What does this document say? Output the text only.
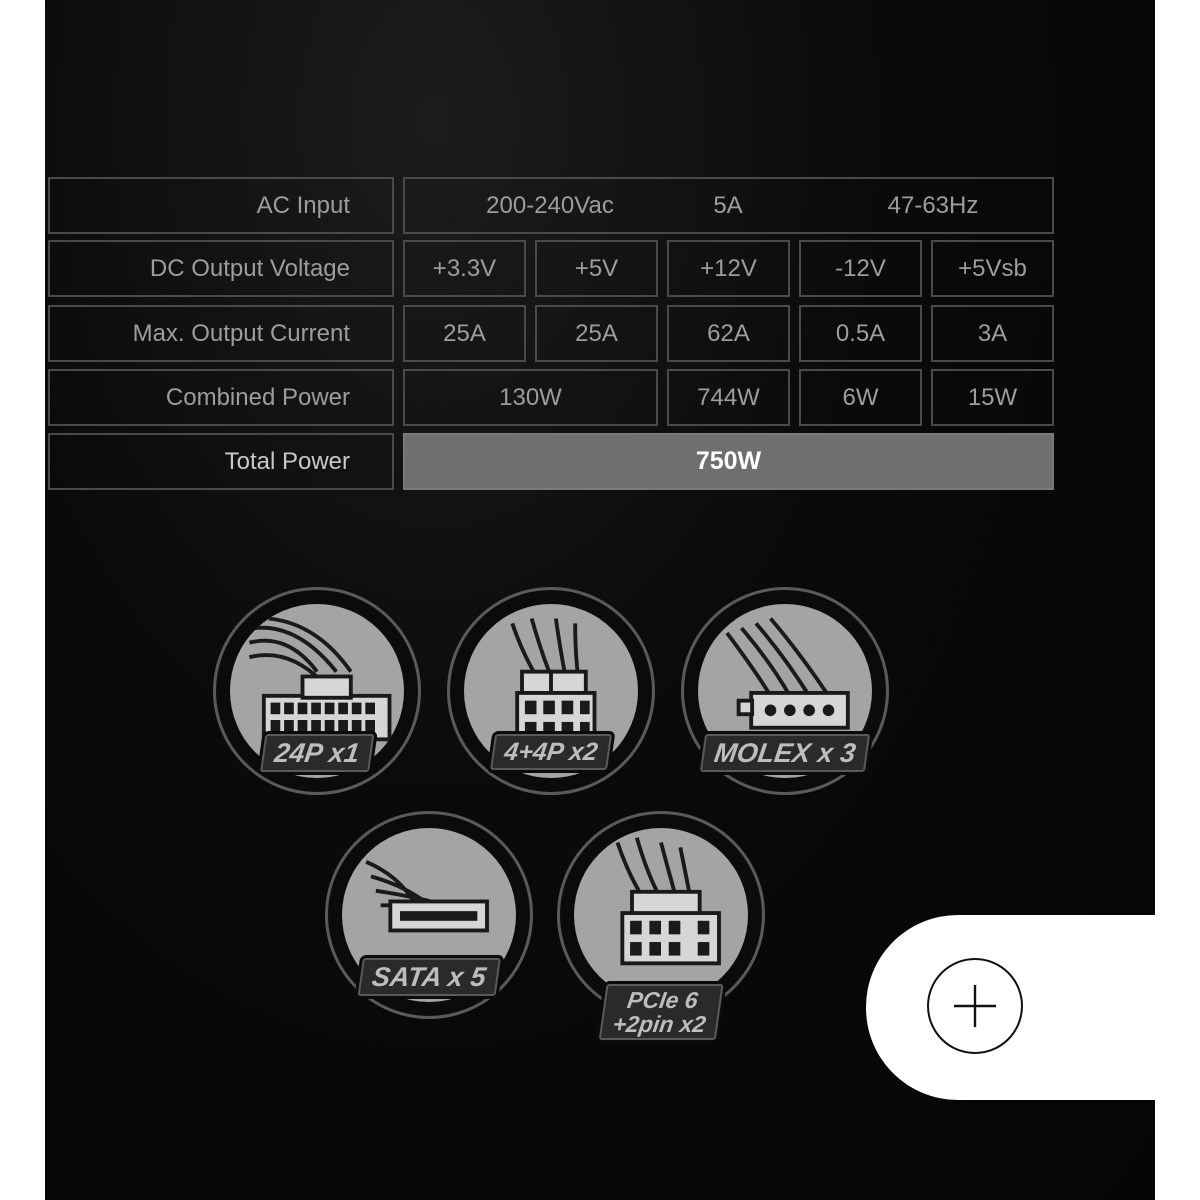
AC Input	200-240Vac	5A	47-63Hz
DC Output Voltage	+3.3V	+5V	+12V	-12V	+5Vsb
Max. Output Current	25A	25A	62A	0.5A	3A
Combined Power	130W	744W	6W	15W
Total Power	750W
24P x1	4+4P x2	MOLEX x 3
SATA x 5
PCIe 6
+2pin x2
